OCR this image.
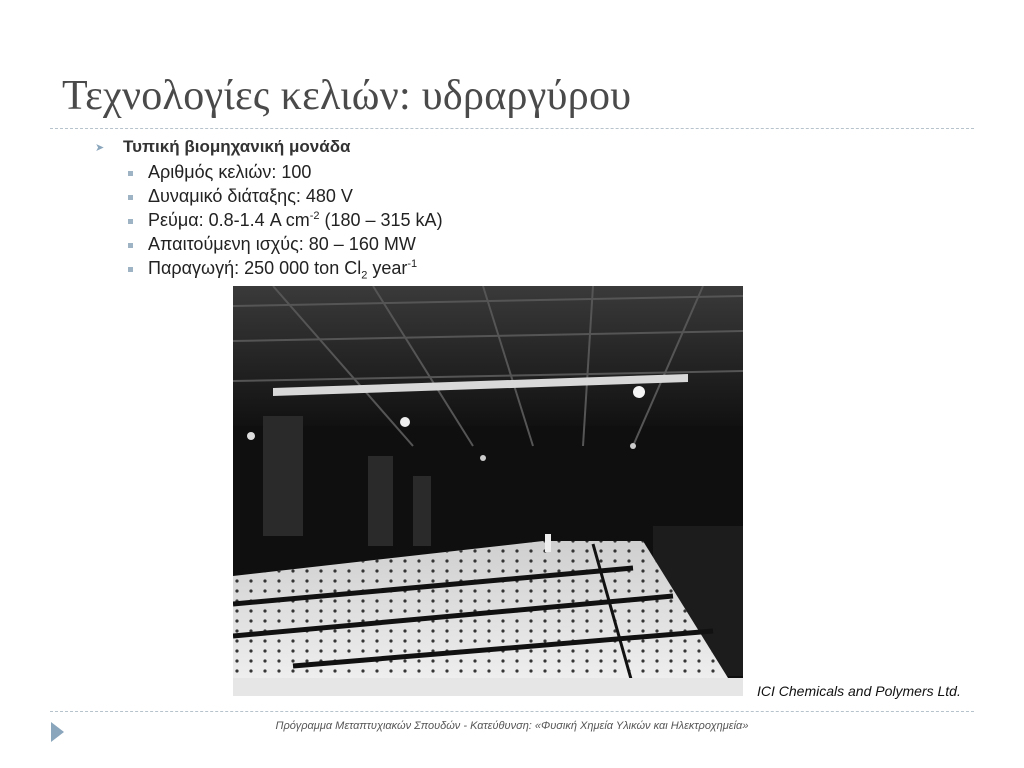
Τεχνολογίες κελιών: υδραργύρου
➤	Τυπική βιομηχανική μονάδα
Αριθμός κελιών: 100
Δυναμικό διάταξης: 480 V
Ρεύμα: 0.8-1.4 A $cm^{-2}$ (180 – 315 kA)
Απαιτούμενη ισχύς: 80 – 160 MW
Παραγωγή: 250 000 ton $Cl_2$ year$^{-1}$
ICI Chemicals and Polymers Ltd.
Πρόγραμμα Μεταπτυχιακών Σπουδών - Κατεύθυνση: «Φυσική Χημεία Υλικών και Ηλεκτροχημεία»
